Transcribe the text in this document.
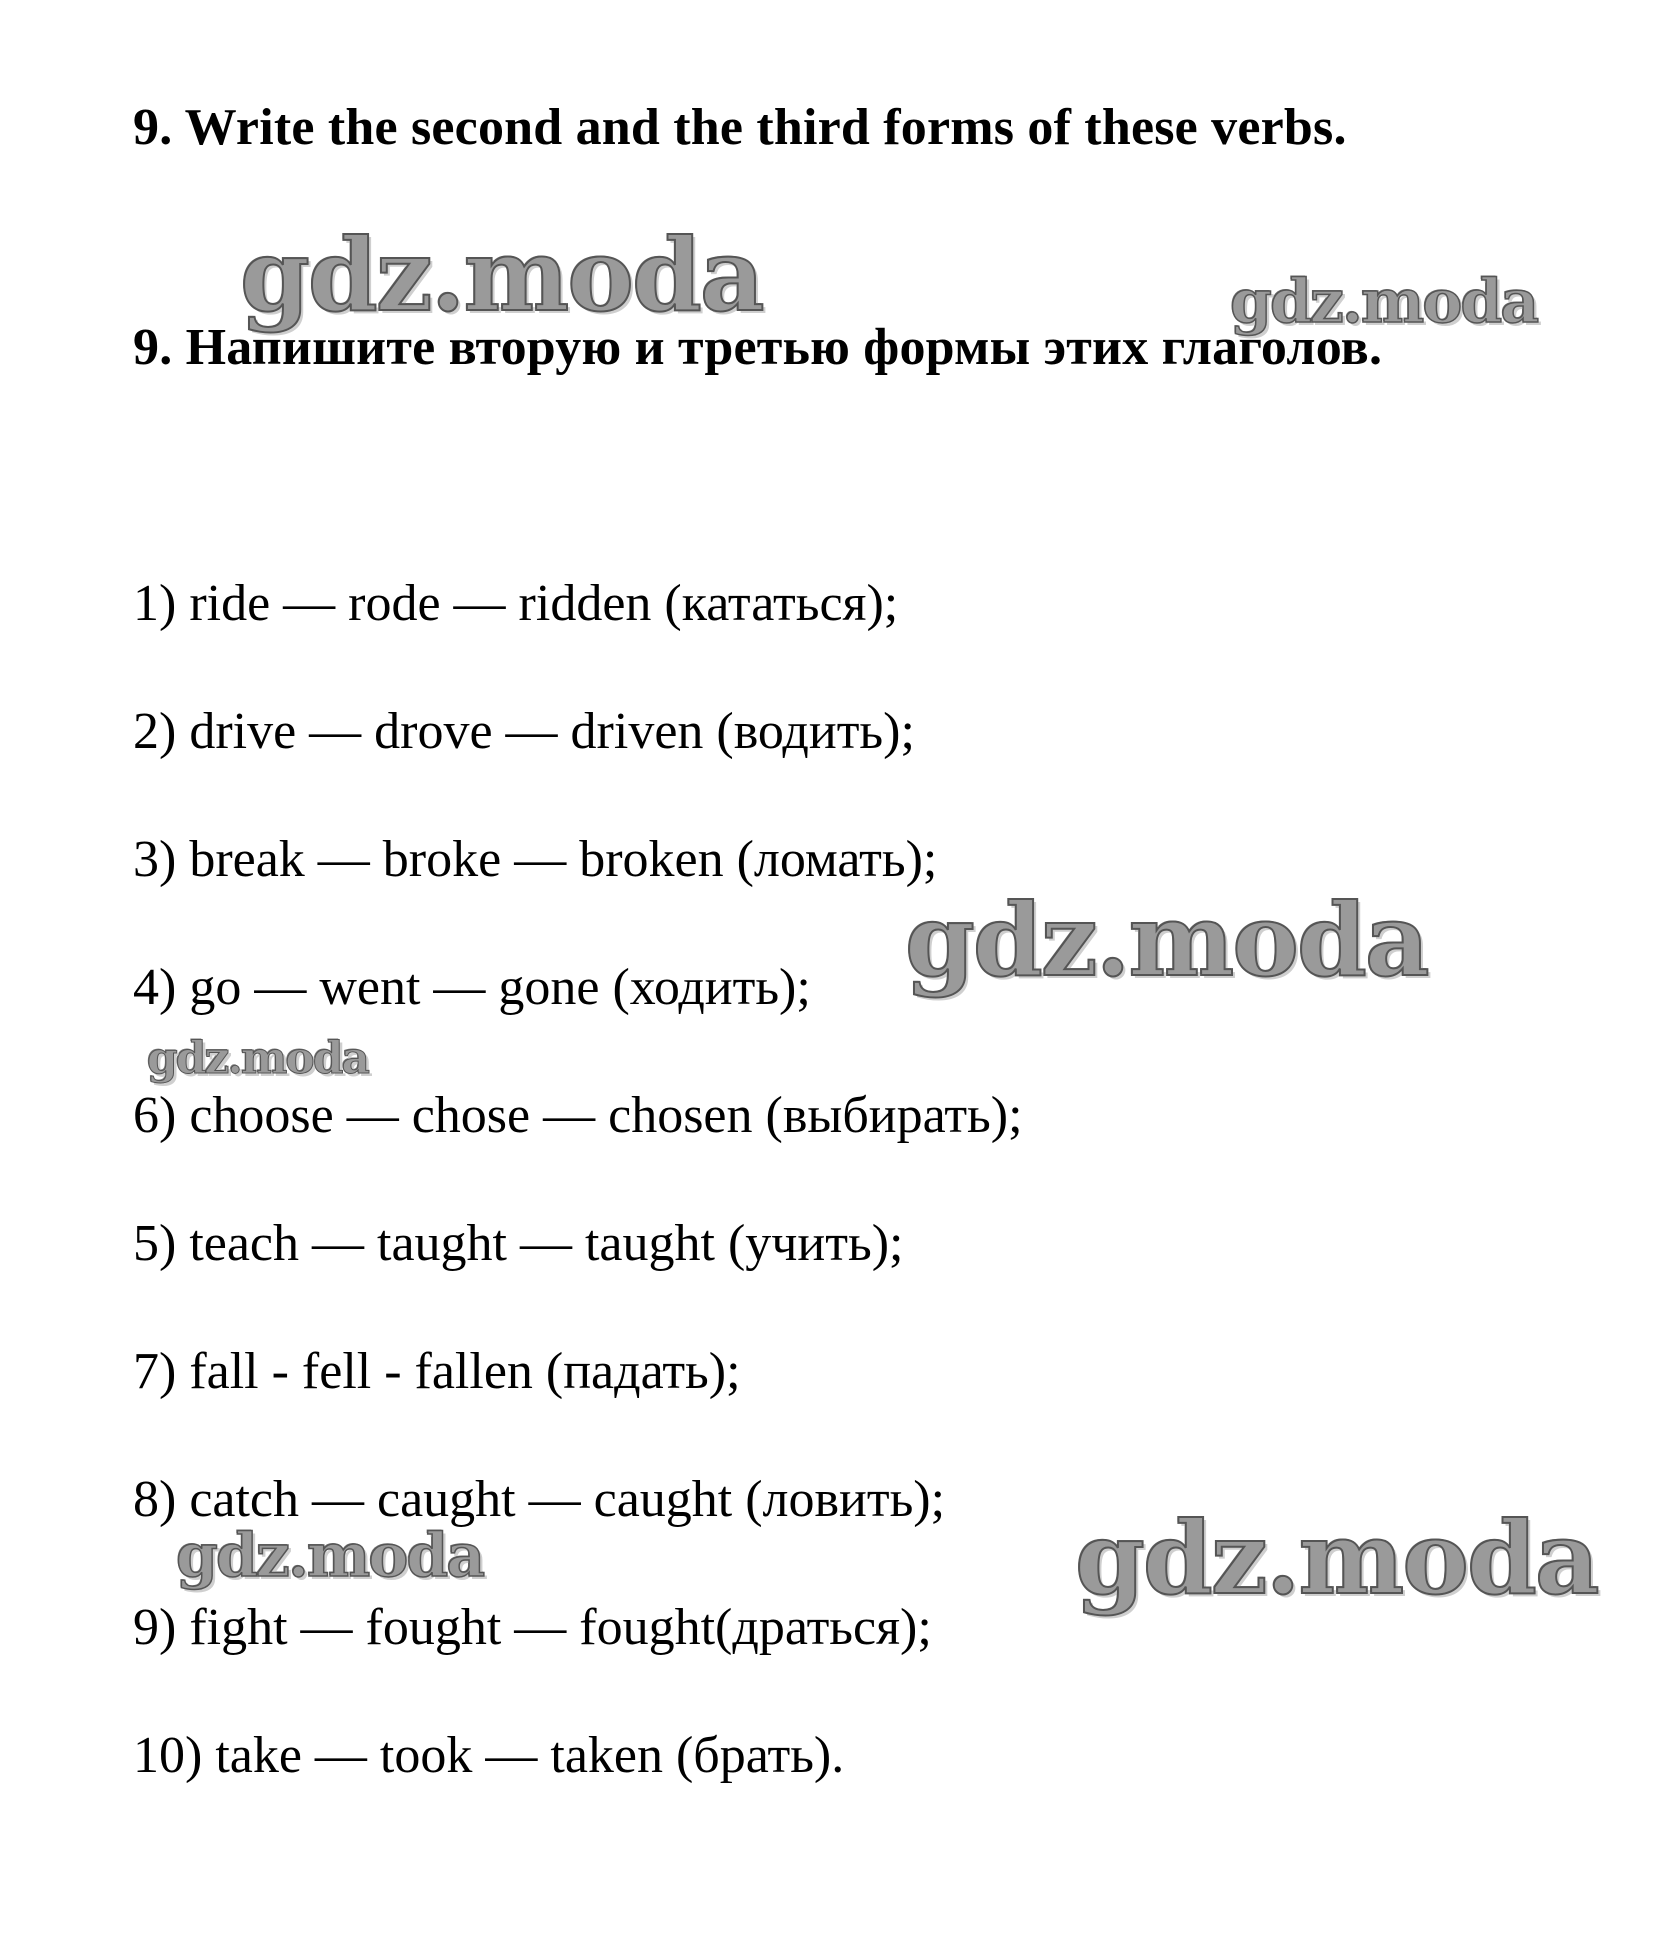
9. Write the second and the third forms of these verbs.
9. Напишите вторую и третью формы этих глаголов.
1) ride — rode — ridden (кататься);
2) drive — drove — driven (водить);
3) break — broke — broken (ломать);
4) go — went — gone (ходить);
6) choose — chose — chosen (выбирать);
5) teach — taught — taught (учить);
7) fall - fell - fallen (падать);
8) catch — caught — caught (ловить);
9) fight — fought — fought(драться);
10) take — took — taken (брать).
gdz.moda	gdz.moda
gdz.moda
gdz.moda
gdz.moda	gdz.moda
